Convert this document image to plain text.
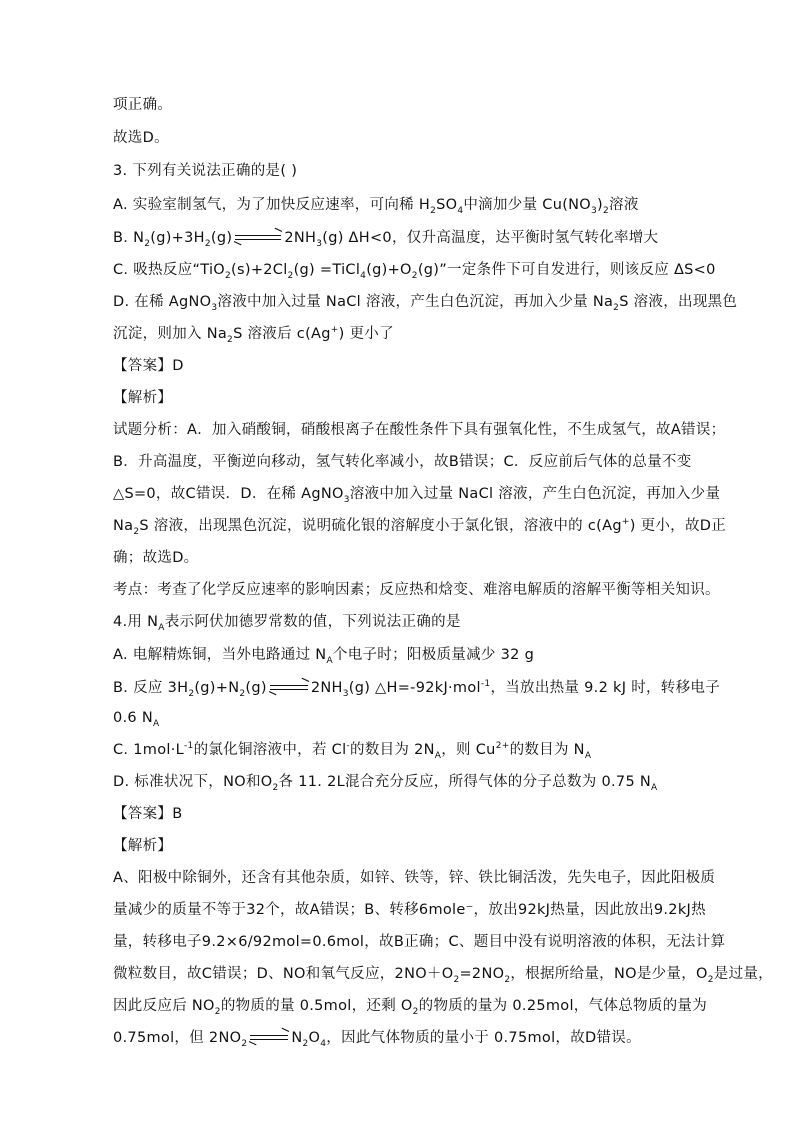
项正确。
故选D。
3. 下列有关说法正确的是( )
A. 实验室制氢气，为了加快反应速率，可向稀 $H_2SO_4$中滴加少量 $Cu(NO_3)_2$溶液
B. $N_2(g)+3H_2(g)$	$2NH_3(g)$ ΔH<0，仅升高温度，达平衡时氢气转化率增大
C. 吸热反应“$TiO_2(s)+2Cl_2(g)$ $=TiCl_4(g)+O_2(g)$”一定条件下可自发进行，则该反应 ΔS<0
D. 在稀 AgNO$_3$溶液中加入过量 NaCl 溶液，产生白色沉淀，再加入少量 $Na_2S$ 溶液，出现黑色
沉淀，则加入 $Na_2S$ 溶液后 c(Ag+) 更小了
【答案】D
【解析】
试题分析：A．加入硝酸铜，硝酸根离子在酸性条件下具有强氧化性，不生成氢气，故A错误；
B．升高温度，平衡逆向移动，氢气转化率减小，故B错误；C．反应前后气体的总量不变
△S=0，故C错误．D．在稀 AgNO$_3$溶液中加入过量 NaCl 溶液，产生白色沉淀，再加入少量
$Na_2S$ 溶液，出现黑色沉淀，说明硫化银的溶解度小于氯化银，溶液中的 c(Ag+) 更小，故D正
确；故选D。
考点：考查了化学反应速率的影响因素；反应热和焓变、难溶电解质的溶解平衡等相关知识。
4.用 $N_A$表示阿伏加德罗常数的值，下列说法正确的是
A. 电解精炼铜，当外电路通过 $N_A$个电子时；阳极质量减少 32 g
B. 反应 $3H_2(g)+N_2(g)$	$2NH_3(g)$ △H=-92kJ·mol$^{-1}$，当放出热量 9.2 kJ 时，转移电子
0.6 $N_A$
C. $1mol\cdot L^{-1}$的氯化铜溶液中，若 Cl-的数目为 $2N_A$，则 $Cu^{2+}$的数目为 $N_A$
D. 标准状况下，NO和$O_2$各 11. 2L混合充分反应，所得气体的分子总数为 0.75 $N_A$
【答案】B
【解析】
A、阳极中除铜外，还含有其他杂质，如锌、铁等，锌、铁比铜活泼，先失电子，因此阳极质
量减少的质量不等于32个，故A错误；B、转移6mole⁻，放出92kJ热量，因此放出9.2kJ热
量，转移电子9.2×6/92mol=0.6mol，故B正确；C、题目中没有说明溶液的体积，无法计算
微粒数目，故C错误；D、NO和氧气反应，$2NO+O_2=2NO_2$，根据所给量，NO是少量，$O_2$是过量，
因此反应后 $NO_2$的物质的量 0.5mol，还剩 $O_2$的物质的量为 0.25mol，气体总物质的量为
0.75mol，但 $2NO_2$	$N_2O_4$，因此气体物质的量小于 0.75mol，故D错误。
